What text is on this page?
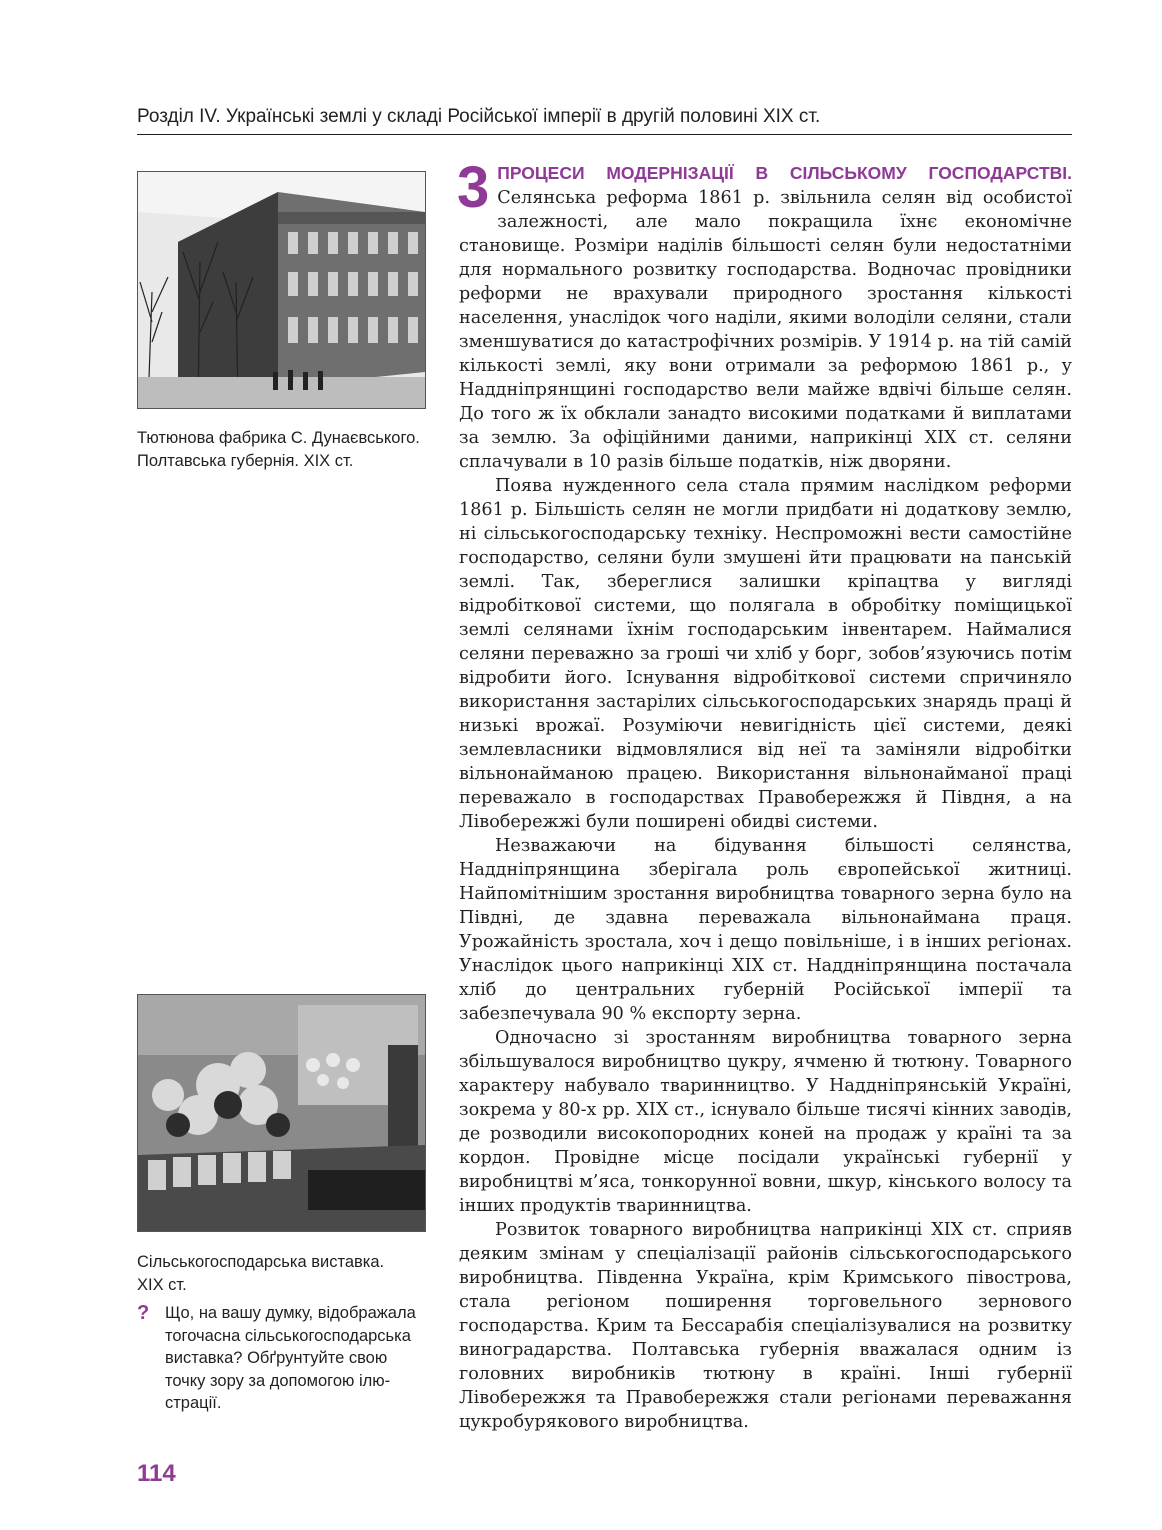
Розділ IV. Українські землі у складі Російської імперії в другій половині XIX ст.
Тютюнова фабрика С. Дунаєвського.
Полтавська губернія. XIX ст.
Сільськогосподарська виставка.
XIX ст.
? Що, на вашу думку, відображала
тогочасна сільськогосподарська
виставка? Обґрунтуйте свою
точку зору за допомогою ілю-
страції.

3 ПРОЦЕСИ МОДЕРНІЗАЦІЇ В СІЛЬСЬКОМУ ГОСПОДАРСТВІ. Селянська реформа 1861 р. звільнила селян від особистої залежності, але мало покращила їхнє економічне становище. Розміри наділів більшості селян були недостатніми для нормального розвитку господарства. Водночас провідники реформи не врахували природного зростання кількості населення, унаслідок чого наділи, якими володіли селяни, стали зменшуватися до катастрофічних розмірів. У 1914 р. на тій самій кількості землі, яку вони отримали за реформою 1861 р., у Наддніпрянщині господарство вели майже вдвічі більше селян. До того ж їх обклали занадто високими податками й виплатами за землю. За офіційними даними, наприкінці XIX ст. селяни сплачували в 10 разів більше податків, ніж дворяни.

Поява нужденного села стала прямим наслідком реформи 1861 р. Більшість селян не могли придбати ні додаткову землю, ні сільськогосподарську техніку. Неспроможні вести самостійне господарство, селяни були змушені йти працювати на панській землі. Так, збереглися залишки кріпацтва у вигляді відробіткової системи, що полягала в обробітку поміщицької землі селянами їхнім господарським інвентарем. Наймалися селяни переважно за гроші чи хліб у борг, зобов’язуючись потім відробити його. Існування відробіткової системи спричиняло використання застарілих сільськогосподарських знарядь праці й низькі врожаї. Розуміючи невигідність цієї системи, деякі землевласники відмовлялися від неї та заміняли відробітки вільнонайманою працею. Використання вільнонайманої праці переважало в господарствах Правобережжя й Півдня, а на Лівобережжі були поширені обидві системи.

Незважаючи на бідування більшості селянства, Наддніпрянщина зберігала роль європейської житниці. Найпомітнішим зростання виробництва товарного зерна було на Півдні, де здавна переважала вільнонаймана праця. Урожайність зростала, хоч і дещо повільніше, і в інших регіонах. Унаслідок цього наприкінці XIX ст. Наддніпрянщина постачала хліб до центральних губерній Російської імперії та забезпечувала 90 % експорту зерна.

Одночасно зі зростанням виробництва товарного зерна збільшувалося виробництво цукру, ячменю й тютюну. Товарного характеру набувало тваринництво. У Наддніпрянській Україні, зокрема у 80-х рр. XIX ст., існувало більше тисячі кінних заводів, де розводили високопородних коней на продаж у країні та за кордон. Провідне місце посідали українські губернії у виробництві м’яса, тонкорунної вовни, шкур, кінського волосу та інших продуктів тваринництва.

Розвиток товарного виробництва наприкінці XIX ст. сприяв деяким змінам у спеціалізації районів сільськогосподарського виробництва. Південна Україна, крім Кримського півострова, стала регіоном поширення торговельного зернового господарства. Крим та Бессарабія спеціалізувалися на розвитку виноградарства. Полтавська губернія вважалася одним із головних виробників тютюну в країні. Інші губернії Лівобережжя та Правобережжя стали регіонами переважання цукробурякового виробництва.

114
